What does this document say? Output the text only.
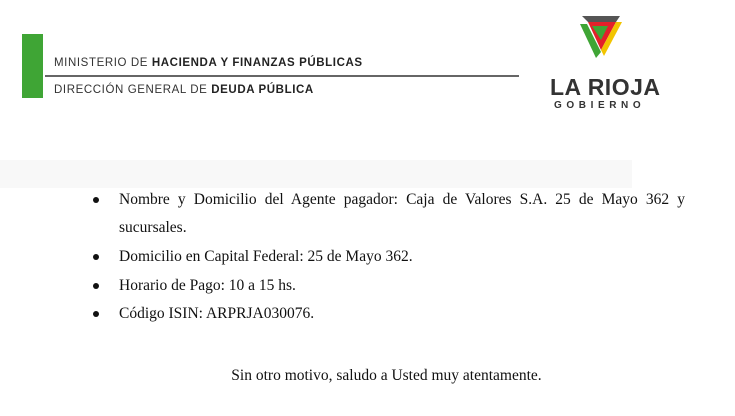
MINISTERIO DE HACIENDA Y FINANZAS PÚBLICAS
DIRECCIÓN GENERAL DE DEUDA PÚBLICA	LA RIOJA
GOBIERNO
Nombre y Domicilio del Agente pagador: Caja de Valores S.A. 25 de Mayo 362 y
sucursales.
Domicilio en Capital Federal: 25 de Mayo 362.
Horario de Pago: 10 a 15 hs.
Código ISIN: ARPRJA030076.
Sin otro motivo, saludo a Usted muy atentamente.
